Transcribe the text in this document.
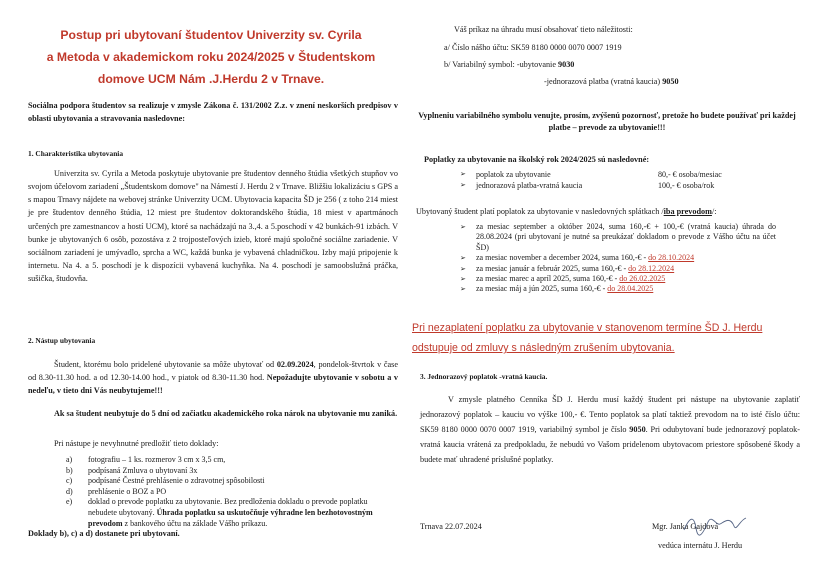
Postup pri ubytovaní študentov Univerzity sv. Cyrila
a Metoda v akademickom roku 2024/2025 v Študentskom
domove UCM Nám .J.Herdu 2 v Trnave.
Sociálna podpora študentov sa realizuje v zmysle Zákona č. 131/2002 Z.z. v znení neskorších predpisov v oblasti ubytovania a stravovania nasledovne:
1. Charakteristika ubytovania
Univerzita sv. Cyrila a Metoda poskytuje ubytovanie pre študentov denného štúdia všetkých stupňov vo svojom účelovom zariadení „Študentskom domove" na Námestí J. Herdu 2 v Trnave. Bližšiu lokalizáciu s GPS a s mapou Trnavy nájdete na webovej stránke Univerzity UCM. Ubytovacia kapacita ŠD je 256 ( z toho 214 miest je pre študentov denného štúdia, 12 miest pre študentov doktorandského štúdia, 18 miest v apartmánoch určených pre zamestnancov a hostí UCM), ktoré sa nachádzajú na 3.,4. a 5.poschodí v 42 bunkách-91 izbách. V bunke je ubytovaných 6 osôb, pozostáva z 2 trojposteľových izieb, ktoré majú spoločné sociálne zariadenie. V sociálnom zariadení je umývadlo, sprcha a WC, každá bunka je vybavená chladničkou. Izby majú pripojenie k internetu. Na 4. a 5. poschodí je k dispozícii vybavená kuchyňka. Na 4. poschodí je samoobslužná práčka, sušička, študovňa.
2. Nástup ubytovania
Študent, ktorému bolo pridelené ubytovanie sa môže ubytovať od 02.09.2024, pondelok-štvrtok v čase od 8.30-11.30 hod. a od 12.30-14.00 hod., v piatok od 8.30-11.30 hod. Nepožadujte ubytovanie v sobotu a v nedeľu, v tieto dni Vás neubytujeme!!!
Ak sa študent neubytuje do 5 dní od začiatku akademického roka nárok na ubytovanie mu zaniká.
Pri nástupe je nevyhnutné predložiť tieto doklady:
a) fotografiu – 1 ks. rozmerov 3 cm x 3,5 cm,
b) podpísaná Zmluva o ubytovaní 3x
c) podpísané Čestné prehlásenie o zdravotnej spôsobilosti
d) prehlásenie o BOZ a PO
e) doklad o prevode poplatku za ubytovanie. Bez predloženia dokladu o prevode poplatku nebudete ubytovaný. Úhrada poplatku sa uskutočňuje výhradne len bezhotovostným prevodom z bankového účtu na základe Vášho príkazu.
Doklady b), c) a d) dostanete pri ubytovaní.
Váš príkaz na úhradu musí obsahovať tieto náležitosti:
a/ Číslo nášho účtu: SK59 8180 0000 0070 0007 1919
b/ Variabilný symbol: -ubytovanie 9030
-jednorazová platba (vratná kaucia) 9050
Vyplneniu variabilného symbolu venujte, prosím, zvýšenú pozornosť, pretože ho budete používať pri každej platbe – prevode za ubytovanie!!!
Poplatky za ubytovanie na školský rok 2024/2025 sú nasledovné:
➢ poplatok za ubytovanie	80,- € osoba/mesiac
➢ jednorazová platba-vratná kaucia	100,- € osoba/rok
Ubytovaný študent platí poplatok za ubytovanie v nasledovných splátkach /iba prevodom/:
➢ za mesiac september a október 2024, suma 160,-€ + 100,-€ (vratná kaucia) úhrada do 28.08.2024 (pri ubytovaní je nutné sa preukázať dokladom o prevode z Vášho účtu na účet ŠD)
➢ za mesiac november a december 2024, suma 160,-€ - do 28.10.2024
➢ za mesiac január a február 2025, suma 160,-€ - do 28.12.2024
➢ za mesiac marec a apríl 2025, suma 160,-€ - do 26.02.2025
➢ za mesiac máj a jún 2025, suma 160,-€ - do 28.04.2025
Pri nezaplatení poplatku za ubytovanie v stanovenom termíne ŠD J. Herdu
odstupuje od zmluvy s následným zrušením ubytovania.
3. Jednorazový poplatok -vratná kaucia.
V zmysle platného Cenníka ŠD J. Herdu musí každý študent pri nástupe na ubytovanie zaplatiť jednorazový poplatok – kauciu vo výške 100,- €. Tento poplatok sa platí taktiež prevodom na to isté číslo účtu: SK59 8180 0000 0070 0007 1919, variabilný symbol je číslo 9050. Pri odubytovaní bude jednorazový poplatok- vratná kaucia vrátená za predpokladu, že nebudú vo Vašom pridelenom ubytovacom priestore spôsobené škody a budete mať uhradené príslušné poplatky.
Trnava 22.07.2024	Mgr. Janka Gajdová
vedúca internátu J. Herdu
